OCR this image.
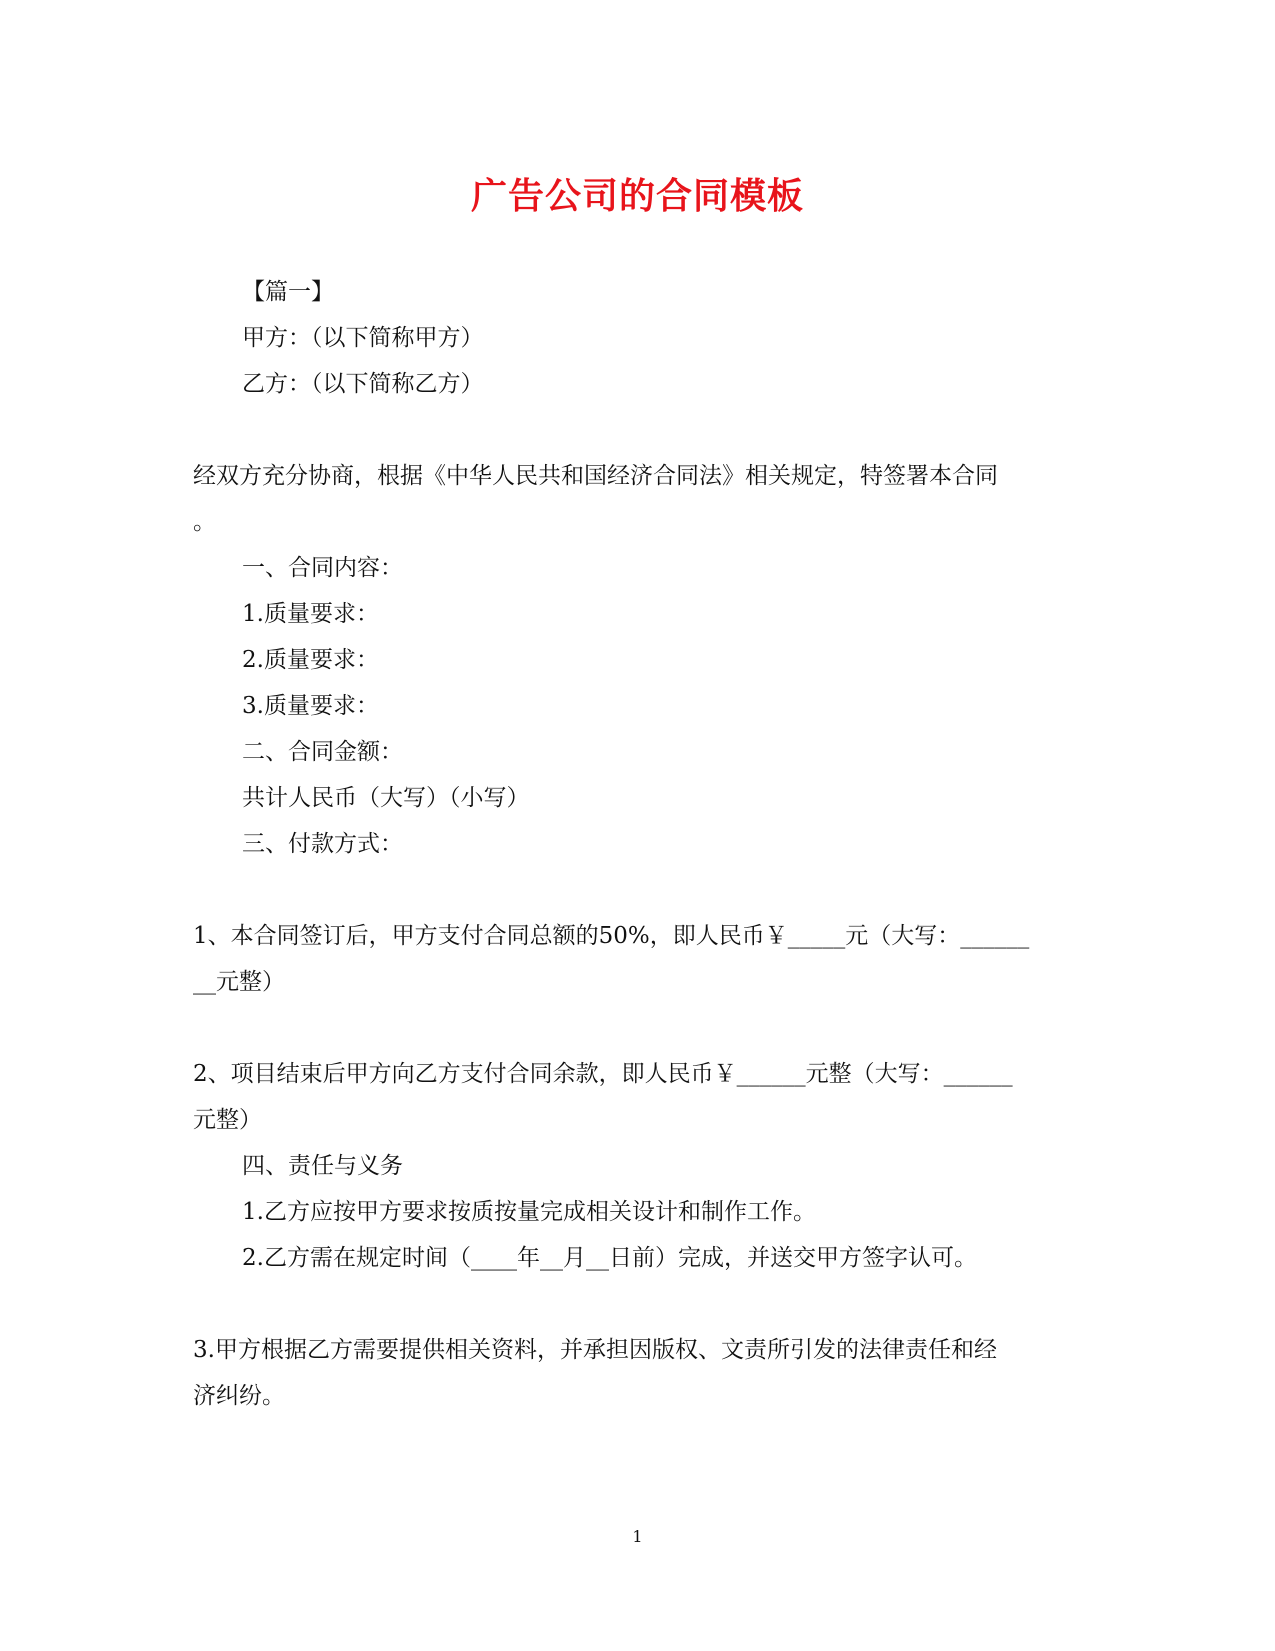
广告公司的合同模板

【篇一】

甲方：（以下简称甲方）

乙方：（以下简称乙方）

经双方充分协商，根据《中华人民共和国经济合同法》相关规定，特签署本合同

。

一、合同内容：

1.质量要求：

2.质量要求：

3.质量要求：

二、合同金额：

共计人民币（大写）（小写）

三、付款方式：

1、本合同签订后，甲方支付合同总额的50%，即人民币￥_____元（大写：______

__元整）

2、项目结束后甲方向乙方支付合同余款，即人民币￥______元整（大写：______

元整）

四、责任与义务

1.乙方应按甲方要求按质按量完成相关设计和制作工作。

2.乙方需在规定时间（____年__月__日前）完成，并送交甲方签字认可。

3.甲方根据乙方需要提供相关资料，并承担因版权、文责所引发的法律责任和经

济纠纷。

1
